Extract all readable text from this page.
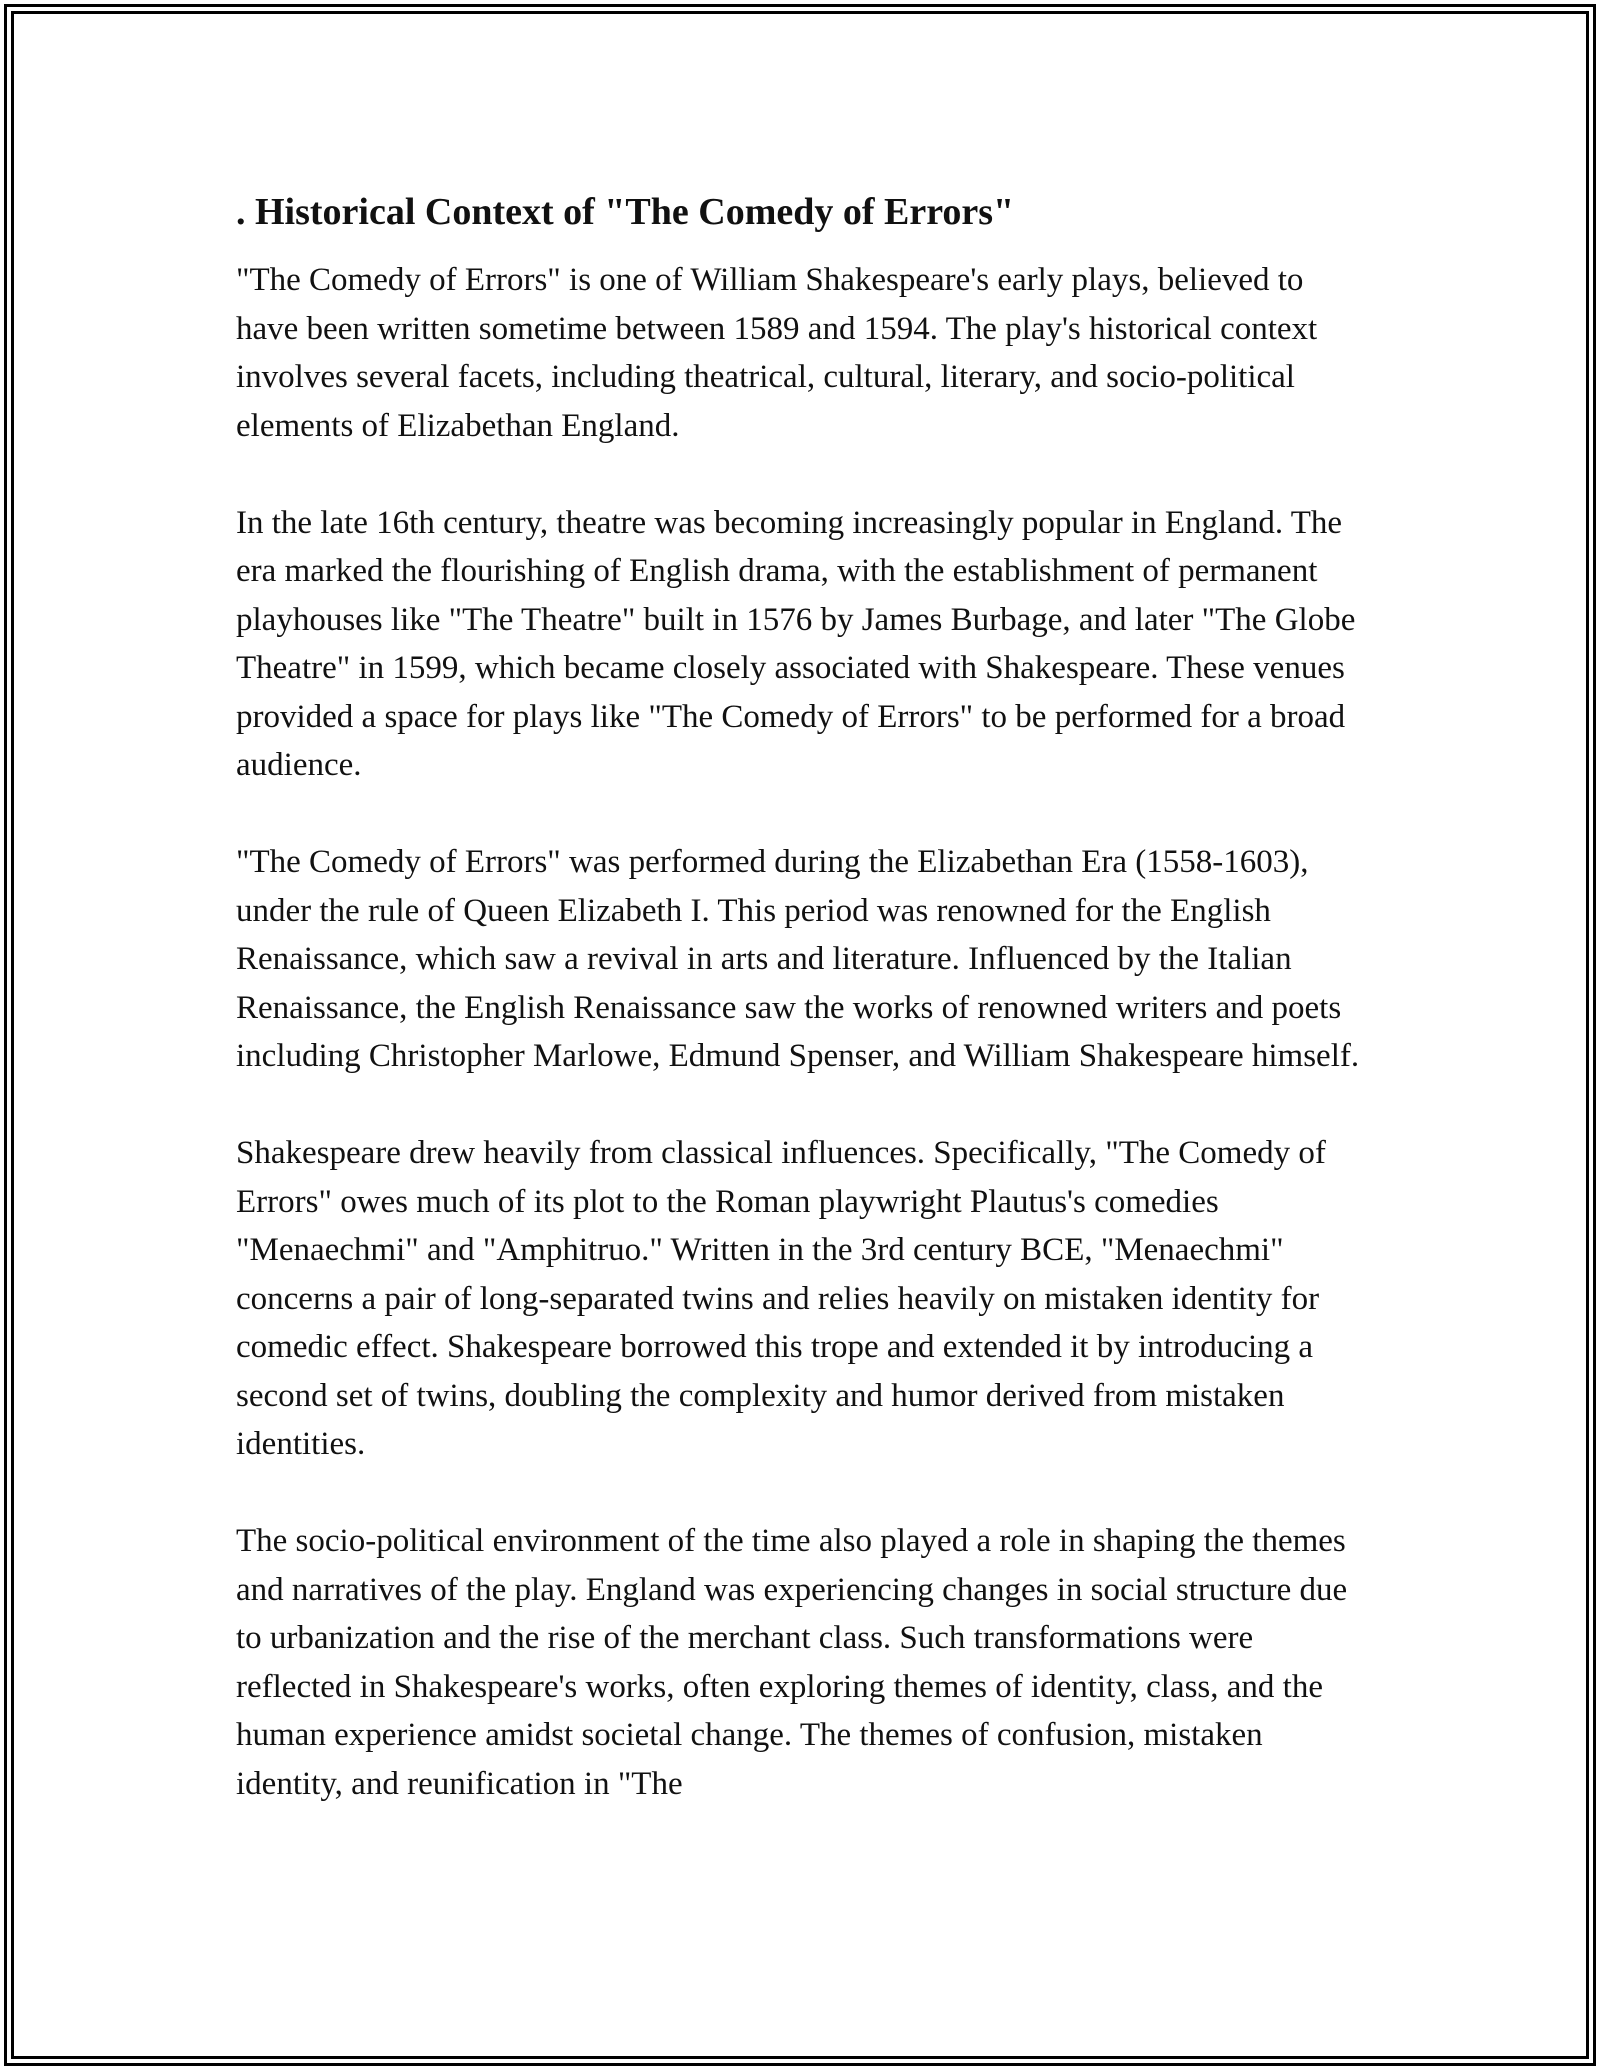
. Historical Context of "The Comedy of Errors"

"The Comedy of Errors" is one of William Shakespeare's early plays, believed to have been written sometime between 1589 and 1594. The play's historical context involves several facets, including theatrical, cultural, literary, and socio-political elements of Elizabethan England.

In the late 16th century, theatre was becoming increasingly popular in England. The era marked the flourishing of English drama, with the establishment of permanent playhouses like "The Theatre" built in 1576 by James Burbage, and later "The Globe Theatre" in 1599, which became closely associated with Shakespeare. These venues provided a space for plays like "The Comedy of Errors" to be performed for a broad audience.

"The Comedy of Errors" was performed during the Elizabethan Era (1558-1603), under the rule of Queen Elizabeth I. This period was renowned for the English Renaissance, which saw a revival in arts and literature. Influenced by the Italian Renaissance, the English Renaissance saw the works of renowned writers and poets including Christopher Marlowe, Edmund Spenser, and William Shakespeare himself.

Shakespeare drew heavily from classical influences. Specifically, "The Comedy of Errors" owes much of its plot to the Roman playwright Plautus's comedies "Menaechmi" and "Amphitruo." Written in the 3rd century BCE, "Menaechmi" concerns a pair of long-separated twins and relies heavily on mistaken identity for comedic effect. Shakespeare borrowed this trope and extended it by introducing a second set of twins, doubling the complexity and humor derived from mistaken identities.

The socio-political environment of the time also played a role in shaping the themes and narratives of the play. England was experiencing changes in social structure due to urbanization and the rise of the merchant class. Such transformations were reflected in Shakespeare's works, often exploring themes of identity, class, and the human experience amidst societal change. The themes of confusion, mistaken identity, and reunification in "The
